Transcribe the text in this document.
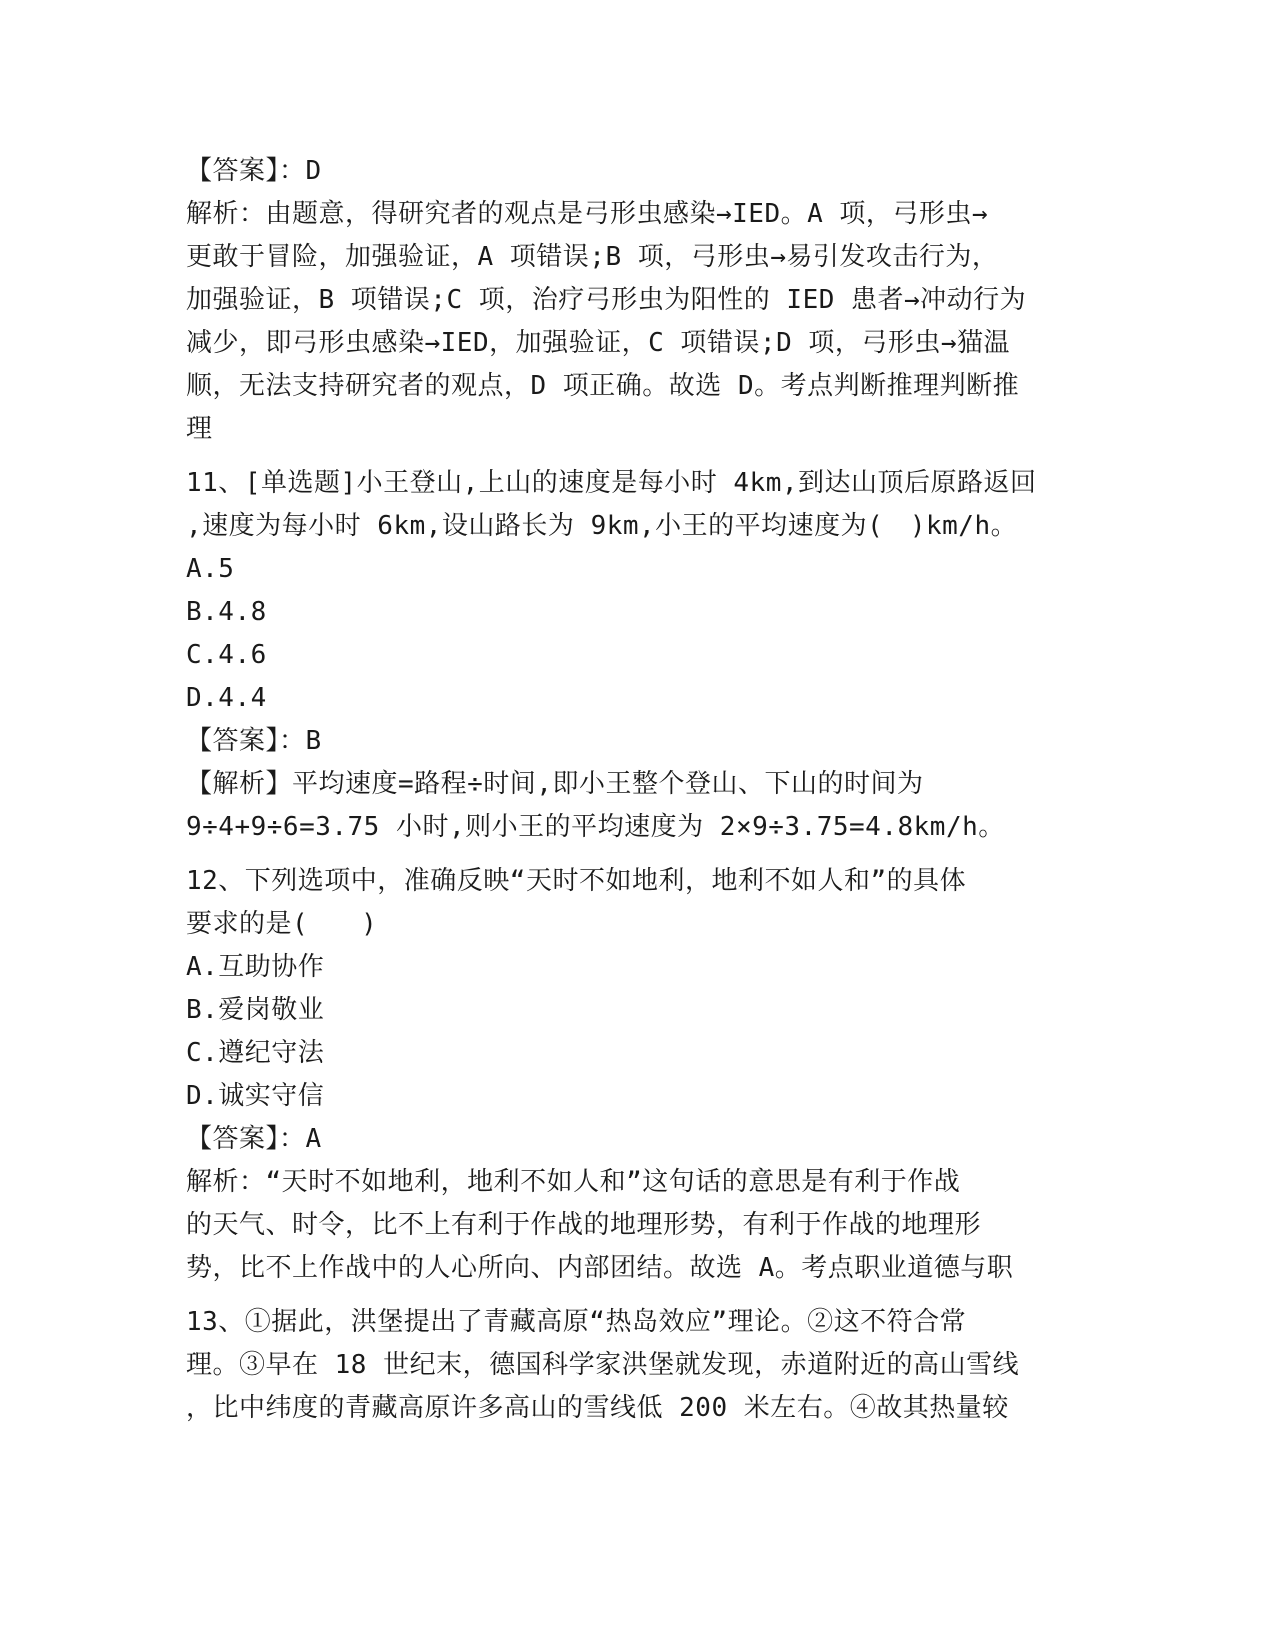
【答案】：D
解析：由题意，得研究者的观点是弓形虫感染→IED。A 项，弓形虫→
更敢于冒险，加强验证，A 项错误;B 项，弓形虫→易引发攻击行为，
加强验证，B 项错误;C 项，治疗弓形虫为阳性的 IED 患者→冲动行为
减少，即弓形虫感染→IED，加强验证，C 项错误;D 项，弓形虫→猫温
顺，无法支持研究者的观点，D 项正确。故选 D。考点判断推理判断推
理
11、[单选题]小王登山,上山的速度是每小时 4km,到达山顶后原路返回
,速度为每小时 6km,设山路长为 9km,小王的平均速度为(　)km/h。
A.5
B.4.8
C.4.6
D.4.4
【答案】：B
【解析】平均速度=路程÷时间,即小王整个登山、下山的时间为
9÷4+9÷6=3.75 小时,则小王的平均速度为 2×9÷3.75=4.8km/h。
12、下列选项中，准确反映“天时不如地利，地利不如人和”的具体
要求的是(　　)
A.互助协作
B.爱岗敬业
C.遵纪守法
D.诚实守信
【答案】：A
解析：“天时不如地利，地利不如人和”这句话的意思是有利于作战
的天气、时令，比不上有利于作战的地理形势，有利于作战的地理形
势，比不上作战中的人心所向、内部团结。故选 A。考点职业道德与职
13、①据此，洪堡提出了青藏高原“热岛效应”理论。②这不符合常
理。③早在 18 世纪末，德国科学家洪堡就发现，赤道附近的高山雪线
，比中纬度的青藏高原许多高山的雪线低 200 米左右。④故其热量较
